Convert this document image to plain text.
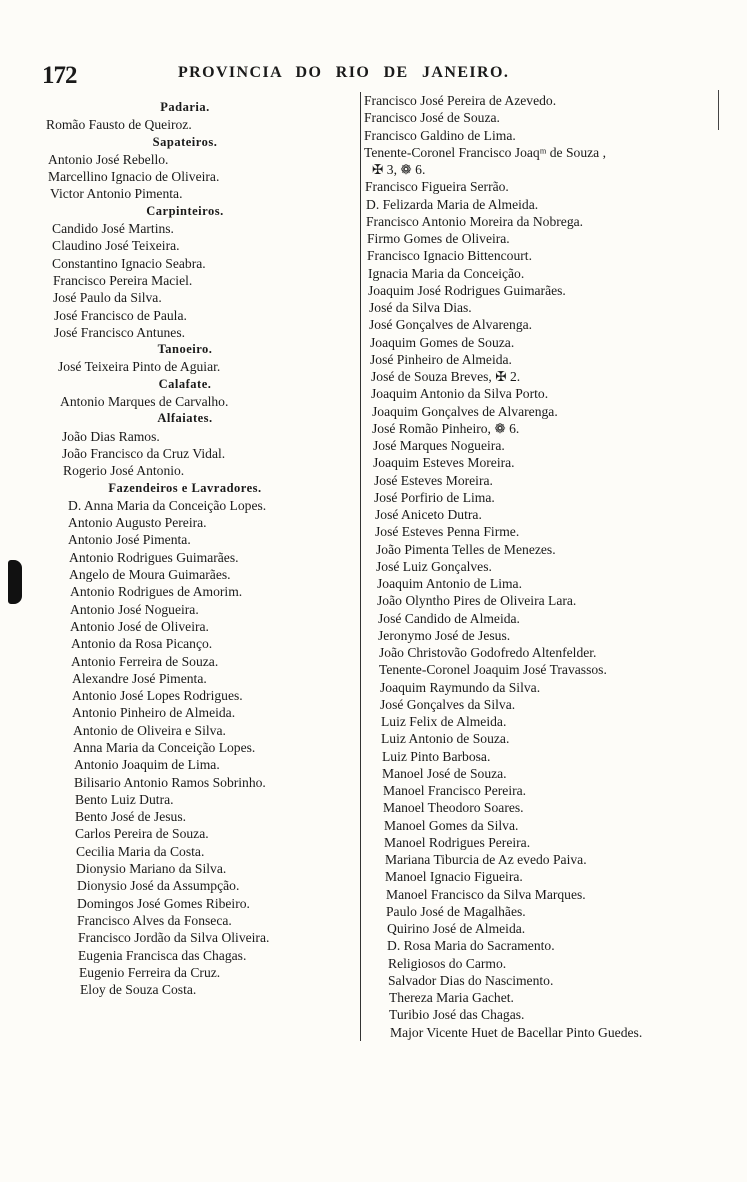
172	PROVINCIA DO RIO DE JANEIRO.
Padaria.
Romão Fausto de Queiroz.
Sapateiros.
Antonio José Rebello.
Marcellino Ignacio de Oliveira.
Victor Antonio Pimenta.
Carpinteiros.
Candido José Martins.
Claudino José Teixeira.
Constantino Ignacio Seabra.
Francisco Pereira Maciel.
José Paulo da Silva.
José Francisco de Paula.
José Francisco Antunes.
Tanoeiro.
José Teixeira Pinto de Aguiar.
Calafate.
Antonio Marques de Carvalho.
Alfaiates.
João Dias Ramos.
João Francisco da Cruz Vidal.
Rogerio José Antonio.
Fazendeiros e Lavradores.
D. Anna Maria da Conceição Lopes.
Antonio Augusto Pereira.
Antonio José Pimenta.
Antonio Rodrigues Guimarães.
Angelo de Moura Guimarães.
Antonio Rodrigues de Amorim.
Antonio José Nogueira.
Antonio José de Oliveira.
Antonio da Rosa Picanço.
Antonio Ferreira de Souza.
Alexandre José Pimenta.
Antonio José Lopes Rodrigues.
Antonio Pinheiro de Almeida.
Antonio de Oliveira e Silva.
Anna Maria da Conceição Lopes.
Antonio Joaquim de Lima.
Bilisario Antonio Ramos Sobrinho.
Bento Luiz Dutra.
Bento José de Jesus.
Carlos Pereira de Souza.
Cecilia Maria da Costa.
Dionysio Mariano da Silva.
Dionysio José da Assumpção.
Domingos José Gomes Ribeiro.
Francisco Alves da Fonseca.
Francisco Jordão da Silva Oliveira.
Eugenia Francisca das Chagas.
Eugenio Ferreira da Cruz.
Eloy de Souza Costa.
Francisco José Pereira de Azevedo.
Francisco José de Souza.
Francisco Galdino de Lima.
Tenente-Coronel Francisco Joaqᵐ de Souza ,
✠ 3, ❁ 6.
Francisco Figueira Serrão.
D. Felizarda Maria de Almeida.
Francisco Antonio Moreira da Nobrega.
Firmo Gomes de Oliveira.
Francisco Ignacio Bittencourt.
Ignacia Maria da Conceição.
Joaquim José Rodrigues Guimarães.
José da Silva Dias.
José Gonçalves de Alvarenga.
Joaquim Gomes de Souza.
José Pinheiro de Almeida.
José de Souza Breves, ✠ 2.
Joaquim Antonio da Silva Porto.
Joaquim Gonçalves de Alvarenga.
José Romão Pinheiro, ❁ 6.
José Marques Nogueira.
Joaquim Esteves Moreira.
José Esteves Moreira.
José Porfirio de Lima.
José Aniceto Dutra.
José Esteves Penna Firme.
João Pimenta Telles de Menezes.
José Luiz Gonçalves.
Joaquim Antonio de Lima.
João Olyntho Pires de Oliveira Lara.
José Candido de Almeida.
Jeronymo José de Jesus.
João Christovão Godofredo Altenfelder.
Tenente-Coronel Joaquim José Travassos.
Joaquim Raymundo da Silva.
José Gonçalves da Silva.
Luiz Felix de Almeida.
Luiz Antonio de Souza.
Luiz Pinto Barbosa.
Manoel José de Souza.
Manoel Francisco Pereira.
Manoel Theodoro Soares.
Manoel Gomes da Silva.
Manoel Rodrigues Pereira.
Mariana Tiburcia de Az evedo Paiva.
Manoel Ignacio Figueira.
Manoel Francisco da Silva Marques.
Paulo José de Magalhães.
Quirino José de Almeida.
D. Rosa Maria do Sacramento.
Religiosos do Carmo.
Salvador Dias do Nascimento.
Thereza Maria Gachet.
Turibio José das Chagas.
Major Vicente Huet de Bacellar Pinto Guedes.
